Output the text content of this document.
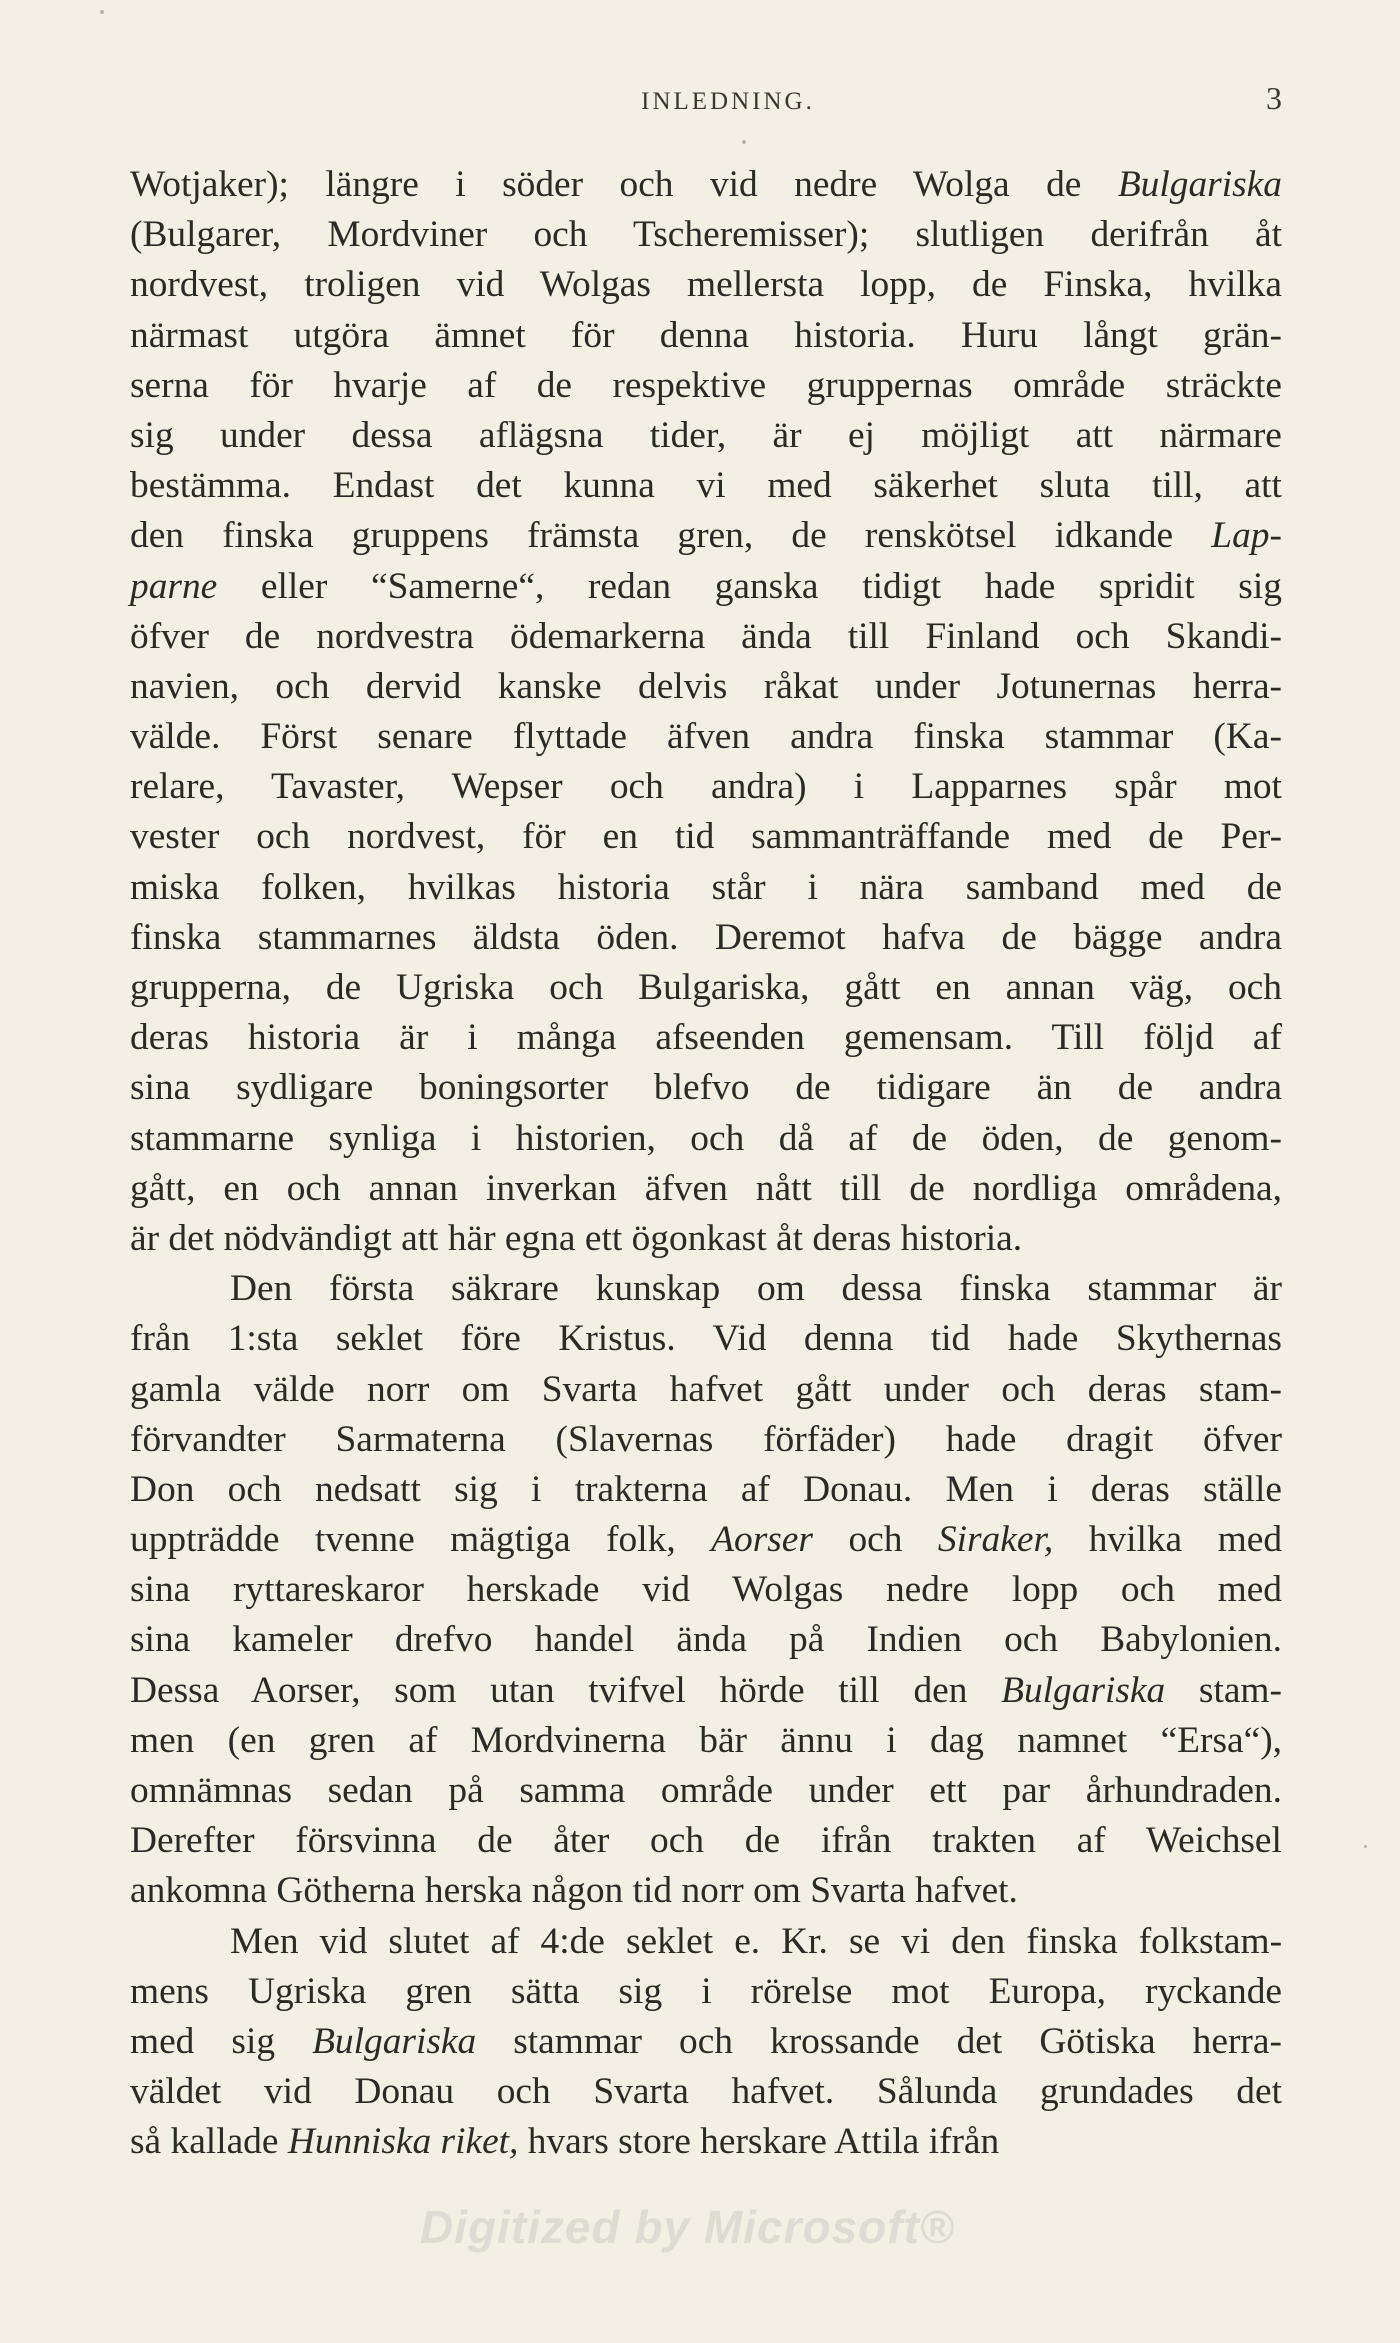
INLEDNING.	3
Wotjaker); längre i söder och vid nedre Wolga de Bulgariska
(Bulgarer, Mordviner och Tscheremisser); slutligen derifrån åt
nordvest, troligen vid Wolgas mellersta lopp, de Finska, hvilka
närmast utgöra ämnet för denna historia. Huru långt grän-
serna för hvarje af de respektive gruppernas område sträckte
sig under dessa aflägsna tider, är ej möjligt att närmare
bestämma. Endast det kunna vi med säkerhet sluta till, att
den finska gruppens främsta gren, de renskötsel idkande Lap-
parne eller “Samerne“, redan ganska tidigt hade spridit sig
öfver de nordvestra ödemarkerna ända till Finland och Skandi-
navien, och dervid kanske delvis råkat under Jotunernas herra-
välde. Först senare flyttade äfven andra finska stammar (Ka-
relare, Tavaster, Wepser och andra) i Lapparnes spår mot
vester och nordvest, för en tid sammanträffande med de Per-
miska folken, hvilkas historia står i nära samband med de
finska stammarnes äldsta öden. Deremot hafva de bägge andra
grupperna, de Ugriska och Bulgariska, gått en annan väg, och
deras historia är i många afseenden gemensam. Till följd af
sina sydligare boningsorter blefvo de tidigare än de andra
stammarne synliga i historien, och då af de öden, de genom-
gått, en och annan inverkan äfven nått till de nordliga områdena,
är det nödvändigt att här egna ett ögonkast åt deras historia.
Den första säkrare kunskap om dessa finska stammar är
från 1:sta seklet före Kristus. Vid denna tid hade Skythernas
gamla välde norr om Svarta hafvet gått under och deras stam-
förvandter Sarmaterna (Slavernas förfäder) hade dragit öfver
Don och nedsatt sig i trakterna af Donau. Men i deras ställe
uppträdde tvenne mägtiga folk, Aorser och Siraker, hvilka med
sina ryttareskaror herskade vid Wolgas nedre lopp och med
sina kameler drefvo handel ända på Indien och Babylonien.
Dessa Aorser, som utan tvifvel hörde till den Bulgariska stam-
men (en gren af Mordvinerna bär ännu i dag namnet “Ersa“),
omnämnas sedan på samma område under ett par århundraden.
Derefter försvinna de åter och de ifrån trakten af Weichsel
ankomna Götherna herska någon tid norr om Svarta hafvet.
Men vid slutet af 4:de seklet e. Kr. se vi den finska folkstam-
mens Ugriska gren sätta sig i rörelse mot Europa, ryckande
med sig Bulgariska stammar och krossande det Götiska herra-
väldet vid Donau och Svarta hafvet. Sålunda grundades det
så kallade Hunniska riket, hvars store herskare Attila ifrån
Digitized by Microsoft®
